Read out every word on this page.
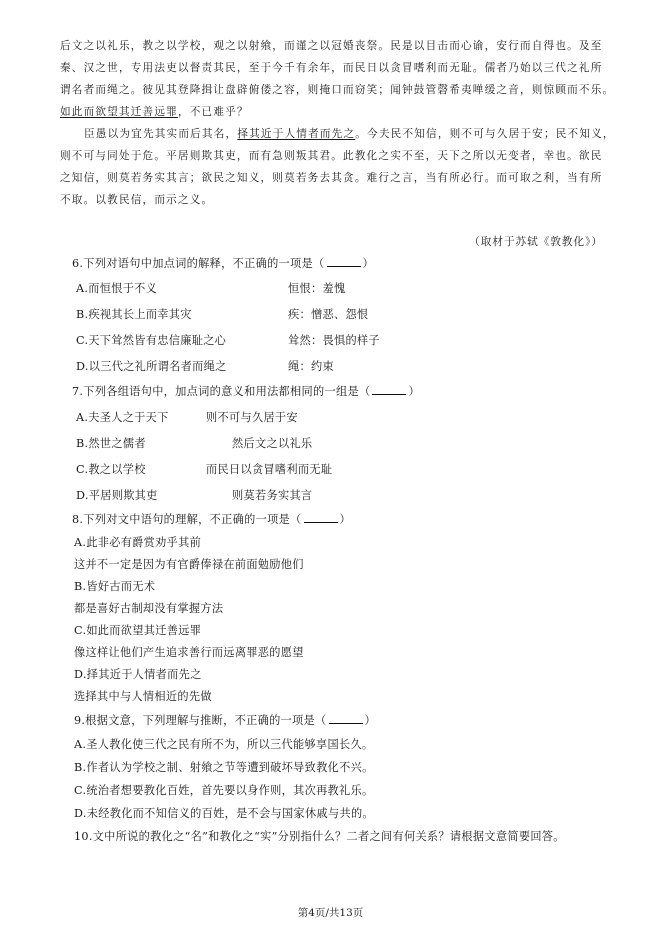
后文之以礼乐，教之以学校，观之以射飨，而谨之以冠婚丧祭。民是以目击而心谕，安行而自得也。及至
秦、汉之世，专用法吏以督责其民，至于今千有余年，而民日以贪冒嗜利而无耻。儒者乃始以三代之礼所
谓名者而绳之。彼见其登降揖让盘辟俯偻之容，则掩口而窃笑；闻钟鼓管磬希夷啴缓之音，则惊顾而不乐。
如此而欲望其迁善远罪，不已难乎？
臣愚以为宜先其实而后其名，择其近于人情者而先之。今夫民不知信，则不可与久居于安；民不知义，
则不可与同处于危。平居则欺其吏，而有急则叛其君。此教化之实不至，天下之所以无变者，幸也。欲民
之知信，则莫若务实其言；欲民之知义，则莫若务去其贪。难行之言，当有所必行。而可取之利，当有所
不取。以教民信，而示之义。
（取材于苏轼《敦教化》）
6.下列对语句中加点词的解释，不正确的一项是（	）
A.而恒恨于不义	恒恨：羞愧
B.疾视其长上而幸其灾	疾：憎恶、怨恨
C.天下耸然皆有忠信廉耻之心	耸然：畏惧的样子
D.以三代之礼所谓名者而绳之	绳：约束
7.下列各组语句中，加点词的意义和用法都相同的一组是（	）
A.夫圣人之于天下	则不可与久居于安
B.然世之儒者	然后文之以礼乐
C.教之以学校	而民日以贪冒嗜利而无耻
D.平居则欺其吏	则莫若务实其言
8.下列对文中语句的理解，不正确的一项是（	）
A.此非必有爵赏劝乎其前
这并不一定是因为有官爵俸禄在前面勉励他们
B.皆好古而无术
都是喜好古制却没有掌握方法
C.如此而欲望其迁善远罪
像这样让他们产生追求善行而远离罪恶的愿望
D.择其近于人情者而先之
选择其中与人情相近的先做
9.根据文意，下列理解与推断，不正确的一项是（	）
A.圣人教化使三代之民有所不为，所以三代能够享国长久。
B.作者认为学校之制、射飨之节等遭到破坏导致教化不兴。
C.统治者想要教化百姓，首先要以身作则，其次再教礼乐。
D.未经教化而不知信义的百姓，是不会与国家休戚与共的。
10.文中所说的教化之“名”和教化之“实”分别指什么？二者之间有何关系？请根据文意简要回答。
第4页/共13页
